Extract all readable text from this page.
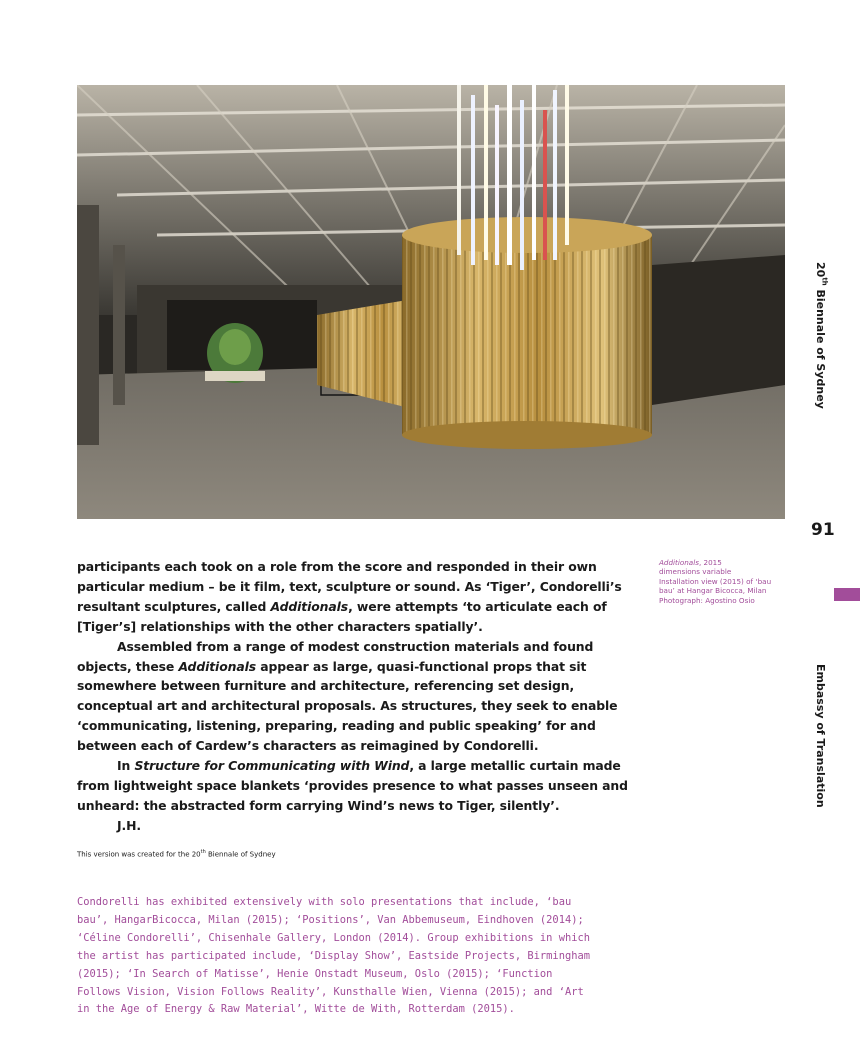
20th Biennale of Sydney
91
Embassy of Translation
Additionals, 2015
dimensions variable
Installation view (2015) of ‘bau
bau’ at Hangar Bicocca, Milan
Photograph: Agostino Osio
participants each took on a role from the score and responded in their own
particular medium – be it film, text, sculpture or sound. As ‘Tiger’, Condorelli’s
resultant sculptures, called Additionals, were attempts ‘to articulate each of
[Tiger’s] relationships with the other characters spatially’.
Assembled from a range of modest construction materials and found
objects, these Additionals appear as large, quasi-functional props that sit
somewhere between furniture and architecture, referencing set design,
conceptual art and architectural proposals. As structures, they seek to enable
‘communicating, listening, preparing, reading and public speaking’ for and
between each of Cardew’s characters as reimagined by Condorelli.
In Structure for Communicating with Wind, a large metallic curtain made
from lightweight space blankets ‘provides presence to what passes unseen and
unheard: the abstracted form carrying Wind’s news to Tiger, silently’.
J.H.
This version was created for the 20th Biennale of Sydney
Condorelli has exhibited extensively with solo presentations that include, ‘bau
bau’, HangarBicocca, Milan (2015); ‘Positions’, Van Abbemuseum, Eindhoven (2014);
‘Céline Condorelli’, Chisenhale Gallery, London (2014). Group exhibitions in which
the artist has participated include, ‘Display Show’, Eastside Projects, Birmingham
(2015); ‘In Search of Matisse’, Henie Onstadt Museum, Oslo (2015); ‘Function
Follows Vision, Vision Follows Reality’, Kunsthalle Wien, Vienna (2015); and ‘Art
in the Age of Energy & Raw Material’, Witte de With, Rotterdam (2015).
